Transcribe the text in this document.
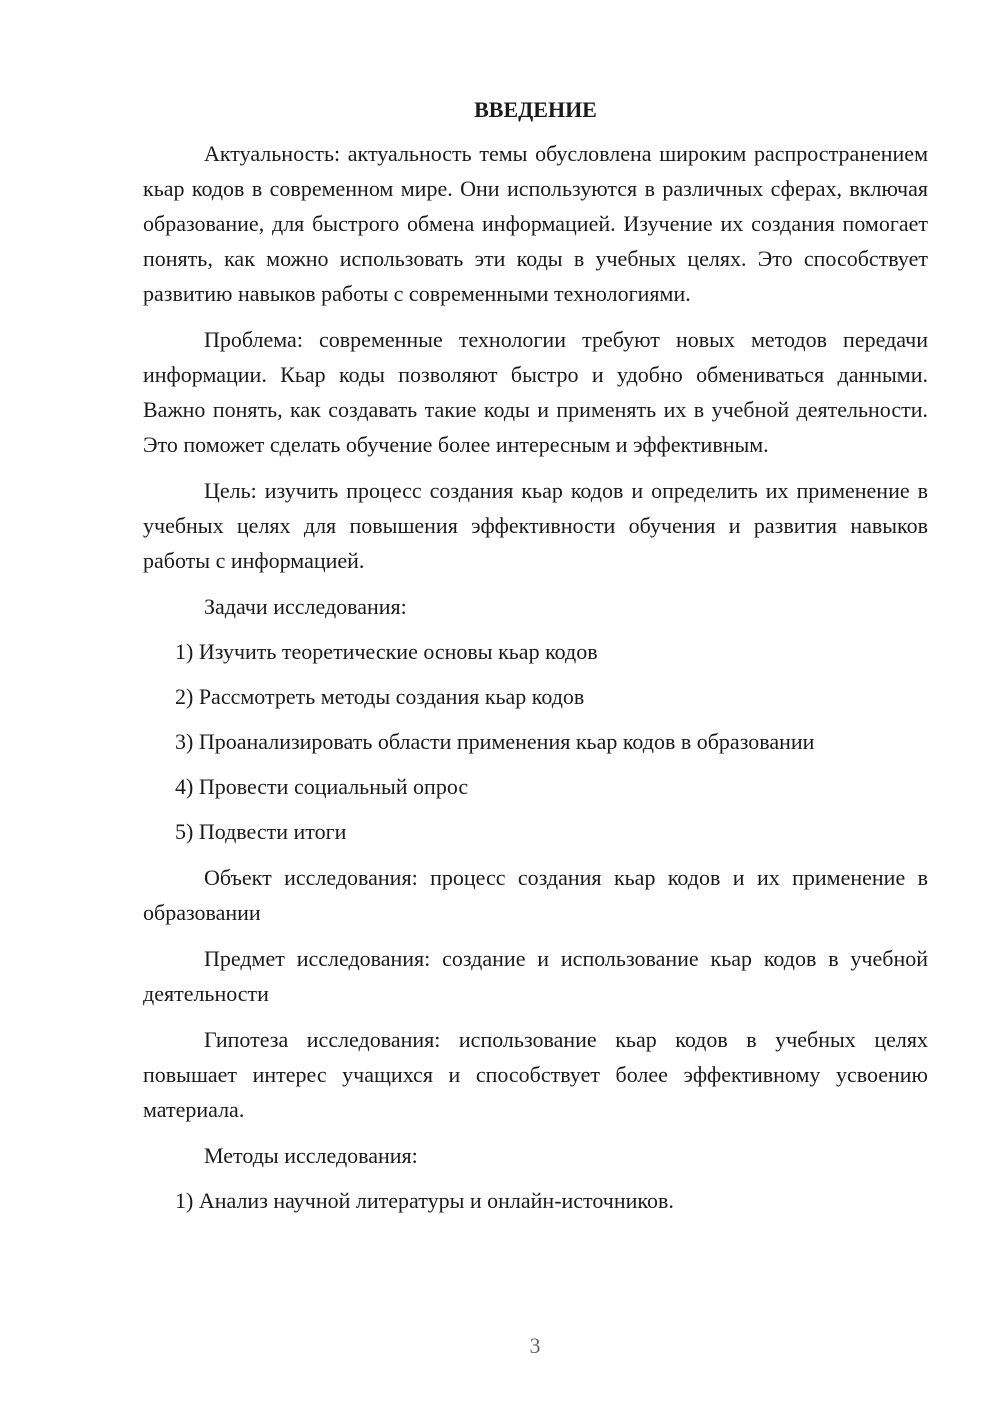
ВВЕДЕНИЕ

Актуальность: актуальность темы обусловлена широким распространением кьар кодов в современном мире. Они используются в различных сферах, включая образование, для быстрого обмена информацией. Изучение их создания помогает понять, как можно использовать эти коды в учебных целях. Это способствует развитию навыков работы с современными технологиями.

Проблема: современные технологии требуют новых методов передачи информации. Кьар коды позволяют быстро и удобно обмениваться данными. Важно понять, как создавать такие коды и применять их в учебной деятельности. Это поможет сделать обучение более интересным и эффективным.

Цель: изучить процесс создания кьар кодов и определить их применение в учебных целях для повышения эффективности обучения и развития навыков работы с информацией.

Задачи исследования:

1) Изучить теоретические основы кьар кодов

2) Рассмотреть методы создания кьар кодов

3) Проанализировать области применения кьар кодов в образовании

4) Провести социальный опрос

5) Подвести итоги

Объект исследования: процесс создания кьар кодов и их применение в образовании

Предмет исследования: создание и использование кьар кодов в учебной деятельности

Гипотеза исследования: использование кьар кодов в учебных целях повышает интерес учащихся и способствует более эффективному усвоению материала.

Методы исследования:

1) Анализ научной литературы и онлайн-источников.

3
